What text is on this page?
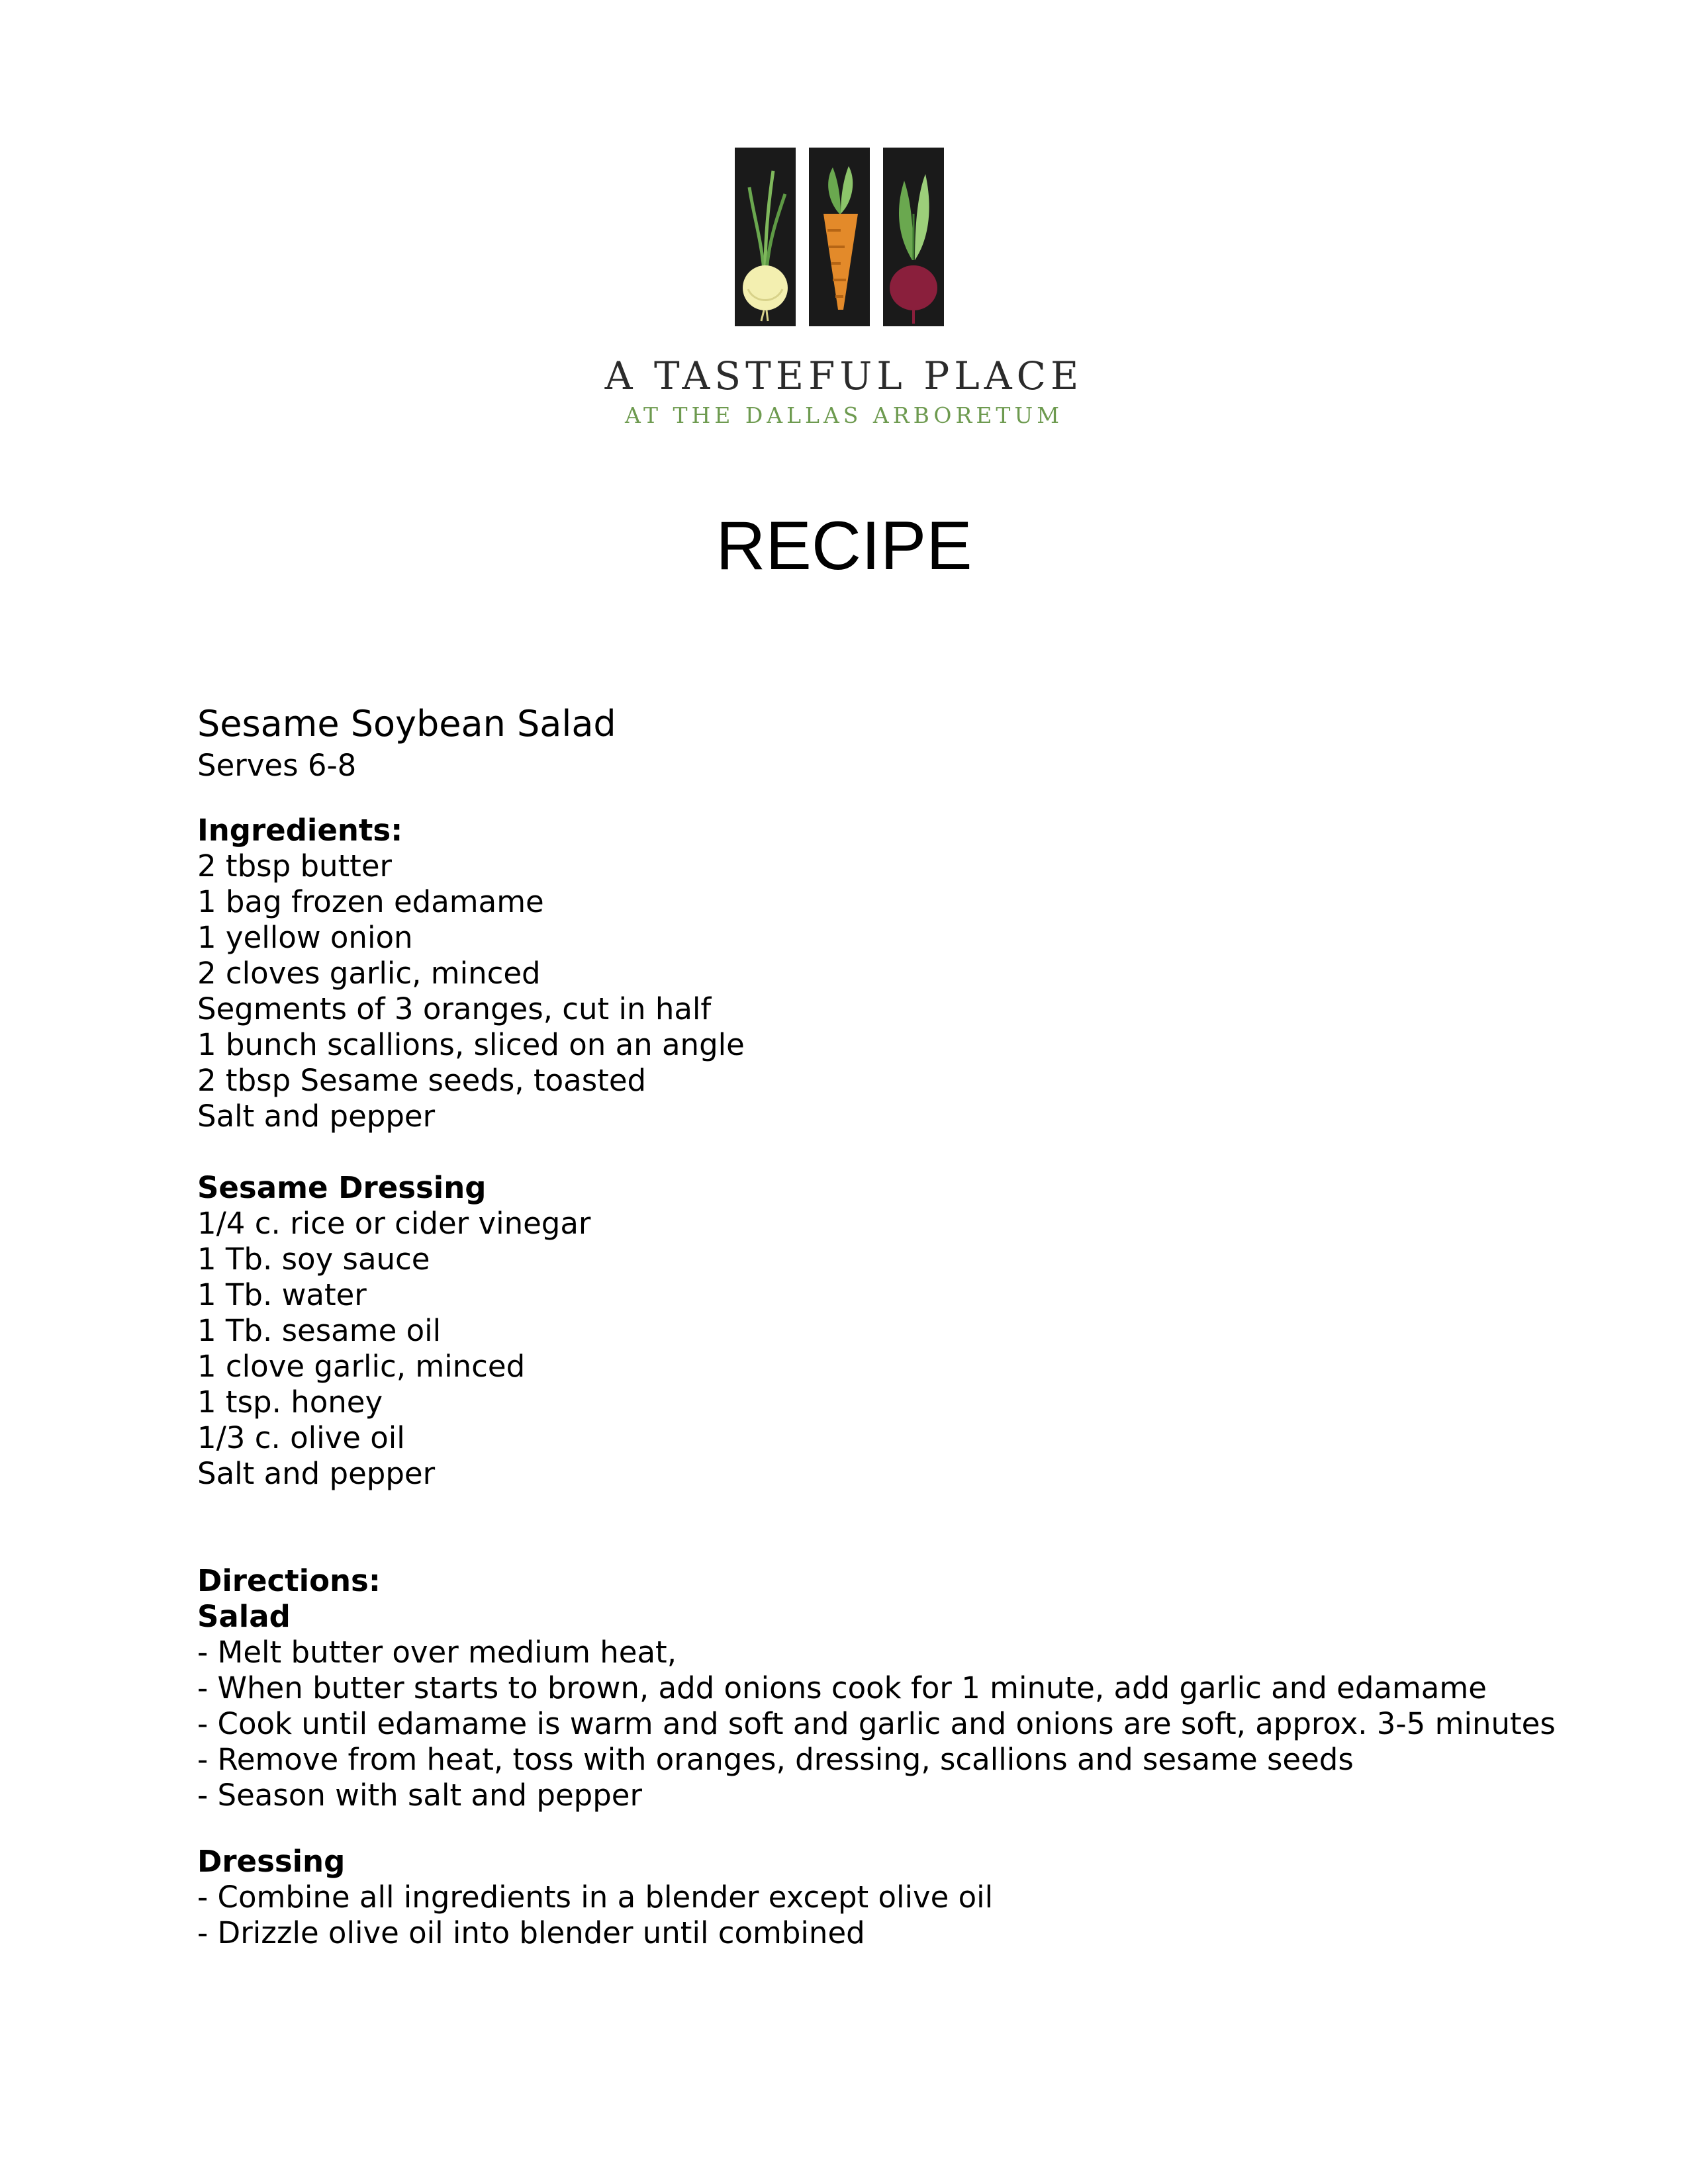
A TASTEFUL PLACE
AT THE DALLAS ARBORETUM
RECIPE
Sesame Soybean Salad
Serves 6-8
Ingredients:
2 tbsp butter
1 bag frozen edamame
1 yellow onion
2 cloves garlic, minced
Segments of 3 oranges, cut in half
1 bunch scallions, sliced on an angle
2 tbsp Sesame seeds, toasted
Salt and pepper
Sesame Dressing
1/4 c. rice or cider vinegar
1 Tb. soy sauce
1 Tb. water
1 Tb. sesame oil
1 clove garlic, minced
1 tsp. honey
1/3 c. olive oil
Salt and pepper
Directions:
Salad
- Melt butter over medium heat,
- When butter starts to brown, add onions cook for 1 minute, add garlic and edamame
- Cook until edamame is warm and soft and garlic and onions are soft, approx. 3-5 minutes
- Remove from heat, toss with oranges, dressing, scallions and sesame seeds
- Season with salt and pepper
Dressing
- Combine all ingredients in a blender except olive oil
- Drizzle olive oil into blender until combined
